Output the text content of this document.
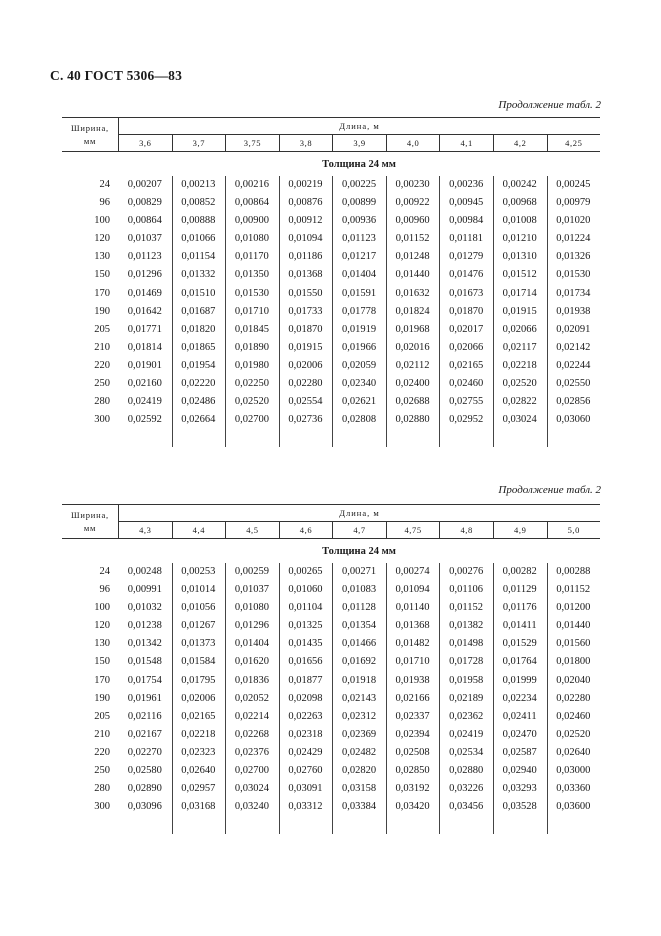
С. 40 ГОСТ 5306—83
Продолжение табл. 2
Ширина,
мм
Длина, м
3,6	3,7	3,75	3,8	3,9	4,0	4,1	4,2	4,25
Толщина 24 мм
24	0,00207	0,00213	0,00216	0,00219	0,00225	0,00230	0,00236	0,00242	0,00245
96	0,00829	0,00852	0,00864	0,00876	0,00899	0,00922	0,00945	0,00968	0,00979
100	0,00864	0,00888	0,00900	0,00912	0,00936	0,00960	0,00984	0,01008	0,01020
120	0,01037	0,01066	0,01080	0,01094	0,01123	0,01152	0,01181	0,01210	0,01224
130	0,01123	0,01154	0,01170	0,01186	0,01217	0,01248	0,01279	0,01310	0,01326
150	0,01296	0,01332	0,01350	0,01368	0,01404	0,01440	0,01476	0,01512	0,01530
170	0,01469	0,01510	0,01530	0,01550	0,01591	0,01632	0,01673	0,01714	0,01734
190	0,01642	0,01687	0,01710	0,01733	0,01778	0,01824	0,01870	0,01915	0,01938
205	0,01771	0,01820	0,01845	0,01870	0,01919	0,01968	0,02017	0,02066	0,02091
210	0,01814	0,01865	0,01890	0,01915	0,01966	0,02016	0,02066	0,02117	0,02142
220	0,01901	0,01954	0,01980	0,02006	0,02059	0,02112	0,02165	0,02218	0,02244
250	0,02160	0,02220	0,02250	0,02280	0,02340	0,02400	0,02460	0,02520	0,02550
280	0,02419	0,02486	0,02520	0,02554	0,02621	0,02688	0,02755	0,02822	0,02856
300	0,02592	0,02664	0,02700	0,02736	0,02808	0,02880	0,02952	0,03024	0,03060
Продолжение табл. 2
Ширина,
мм
Длина, м
4,3	4,4	4,5	4,6	4,7	4,75	4,8	4,9	5,0
Толщина 24 мм
24	0,00248	0,00253	0,00259	0,00265	0,00271	0,00274	0,00276	0,00282	0,00288
96	0,00991	0,01014	0,01037	0,01060	0,01083	0,01094	0,01106	0,01129	0,01152
100	0,01032	0,01056	0,01080	0,01104	0,01128	0,01140	0,01152	0,01176	0,01200
120	0,01238	0,01267	0,01296	0,01325	0,01354	0,01368	0,01382	0,01411	0,01440
130	0,01342	0,01373	0,01404	0,01435	0,01466	0,01482	0,01498	0,01529	0,01560
150	0,01548	0,01584	0,01620	0,01656	0,01692	0,01710	0,01728	0,01764	0,01800
170	0,01754	0,01795	0,01836	0,01877	0,01918	0,01938	0,01958	0,01999	0,02040
190	0,01961	0,02006	0,02052	0,02098	0,02143	0,02166	0,02189	0,02234	0,02280
205	0,02116	0,02165	0,02214	0,02263	0,02312	0,02337	0,02362	0,02411	0,02460
210	0,02167	0,02218	0,02268	0,02318	0,02369	0,02394	0,02419	0,02470	0,02520
220	0,02270	0,02323	0,02376	0,02429	0,02482	0,02508	0,02534	0,02587	0,02640
250	0,02580	0,02640	0,02700	0,02760	0,02820	0,02850	0,02880	0,02940	0,03000
280	0,02890	0,02957	0,03024	0,03091	0,03158	0,03192	0,03226	0,03293	0,03360
300	0,03096	0,03168	0,03240	0,03312	0,03384	0,03420	0,03456	0,03528	0,03600
